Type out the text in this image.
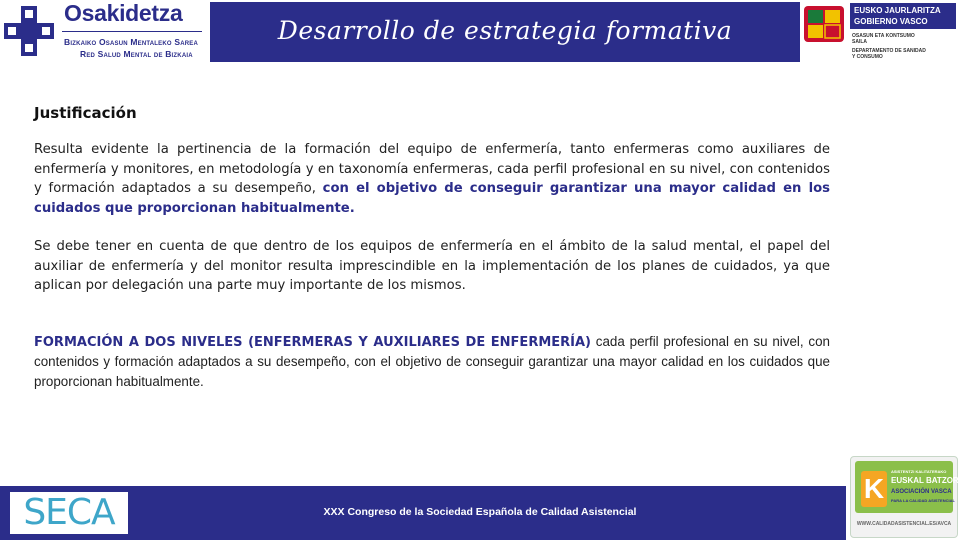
Osakidetza
Bizkaiko Osasun Mentaleko Sarea
Red Salud Mental de Bizkaia
Desarrollo de estrategia formativa
EUSKO JAURLARITZA
GOBIERNO VASCO
OSASUN ETA KONTSUMO
SAILA
DEPARTAMENTO DE SANIDAD
Y CONSUMO
Justificación

Resulta evidente la pertinencia de la formación del equipo de enfermería, tanto enfermeras como auxiliares de enfermería y monitores, en metodología y en taxonomía enfermeras, cada perfil profesional en su nivel, con contenidos y formación adaptados a su desempeño, con el objetivo de conseguir garantizar una mayor calidad en los cuidados que proporcionan habitualmente.

Se debe tener en cuenta de que dentro de los equipos de enfermería en el ámbito de la salud mental, el papel del auxiliar de enfermería y del monitor resulta imprescindible en la implementación de los planes de cuidados, ya que aplican por delegación una parte muy importante de los mismos.

FORMACIÓN A DOS NIVELES (ENFERMERAS Y AUXILIARES DE ENFERMERÍA) cada perfil profesional en su nivel, con contenidos y formación adaptados a su desempeño, con el objetivo de conseguir garantizar una mayor calidad en los cuidados que proporcionan habitualmente.

SECA	XXX Congreso de la Sociedad Española de Calidad Asistencial
K
ASISTENTZI KALITATERAKO
EUSKAL BATZORDEA
ASOCIACIÓN VASCA
PARA LA CALIDAD ASISTENCIAL
WWW.CALIDADASISTENCIAL.ES/AVCA
